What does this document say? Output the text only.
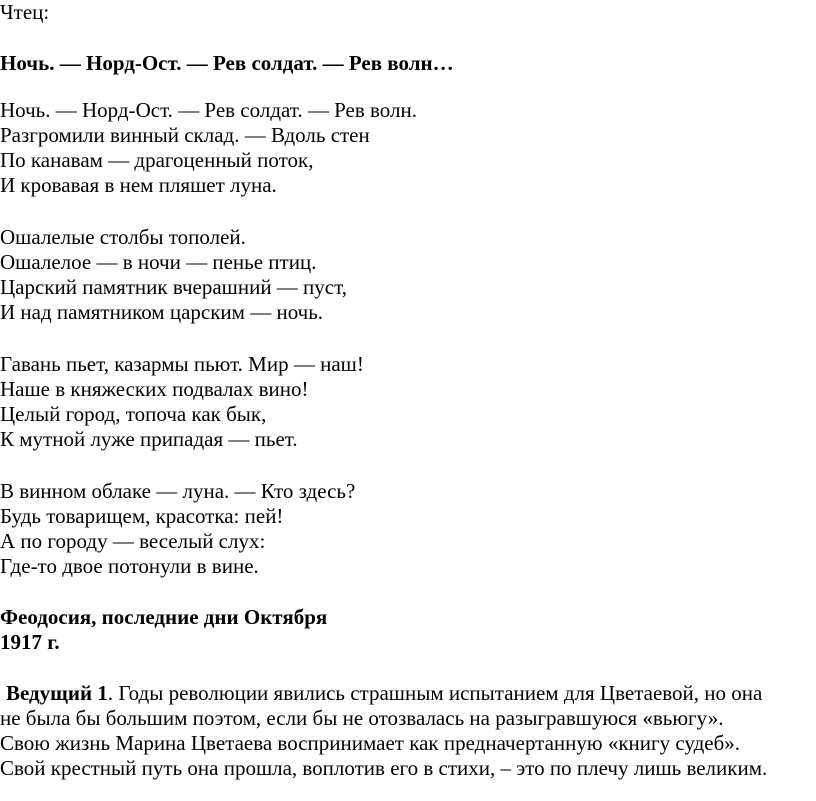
Чтец:
Ночь. — Норд-Ост. — Рев солдат. — Рев волн…
Ночь. — Норд-Ост. — Рев солдат. — Рев волн.
Разгромили винный склад. — Вдоль стен
По канавам — драгоценный поток,
И кровавая в нем пляшет луна.
Ошалелые столбы тополей.
Ошалелое — в ночи — пенье птиц.
Царский памятник вчерашний — пуст,
И над памятником царским — ночь.
Гавань пьет, казармы пьют. Мир — наш!
Наше в княжеских подвалах вино!
Целый город, топоча как бык,
К мутной луже припадая — пьет.
В винном облаке — луна. — Кто здесь?
Будь товарищем, красотка: пей!
А по городу — веселый слух:
Где-то двое потонули в вине.
Феодосия, последние дни Октября
1917 г.
Ведущий 1. Годы революции явились страшным испытанием для Цветаевой, но она
не была бы большим поэтом, если бы не отозвалась на разыгравшуюся «вьюгу».
Свою жизнь Марина Цветаева воспринимает как предначертанную «книгу судеб».
Свой крестный путь она прошла, воплотив его в стихи, – это по плечу лишь великим.
